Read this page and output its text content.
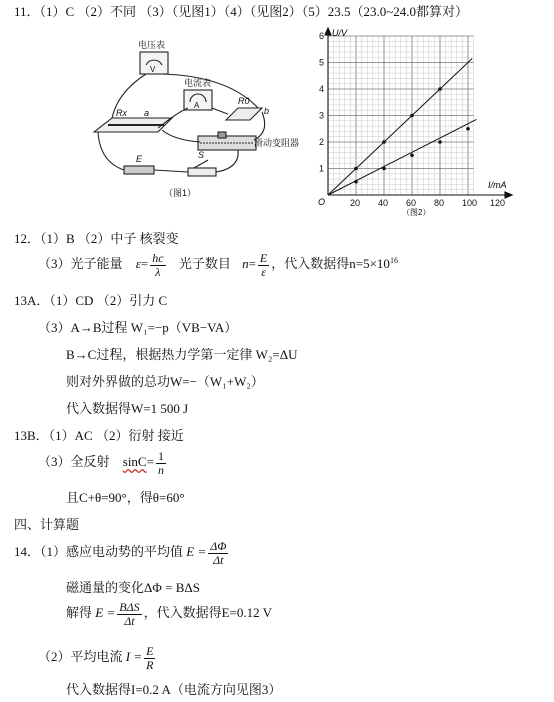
11．（1）C （2）不同 （3）（见图1）（4）（见图2）（5）23.5（23.0~24.0都算对）
电压表
V
电流表
A
Rx a
R0
b
滑动变阻器
E	S
（图1）
20 40 60 80 100 120
1
2
3
4
5
6 U/V
I/mA
O
（图2）
12．（1）B （2）中子 核裂变
（3）光子能量 $\varepsilon= \frac{hc}{\lambda}$ 光子数目 $n= \frac{E}{\varepsilon}$ ，代入数据得$n=5\times 10^{16}$
13A．（1）CD （2）引力 C
（3）A→B过程 W₁=−p（VB−VA）
B→C过程，根据热力学第一定律 W₂=ΔU
则对外界做的总功W=−（W₁+W₂）
代入数据得W=1 500 J
13B．（1）AC （2）衍射 接近
（3）全反射 $\sin C= \frac{1}{n}$
且C+θ=90°，得θ=60°
四、计算题
14．（1）感应电动势的平均值 $E = \frac{\Delta\Phi}{\Delta t}$
磁通量的变化ΔΦ = BΔS
解得 $E = \frac{\text{BΔS}}{\Delta t}$ ，代入数据得E=0.12 V
（2）平均电流 $I = \frac{E}{R}$
代入数据得I=0.2 A（电流方向见图3）
